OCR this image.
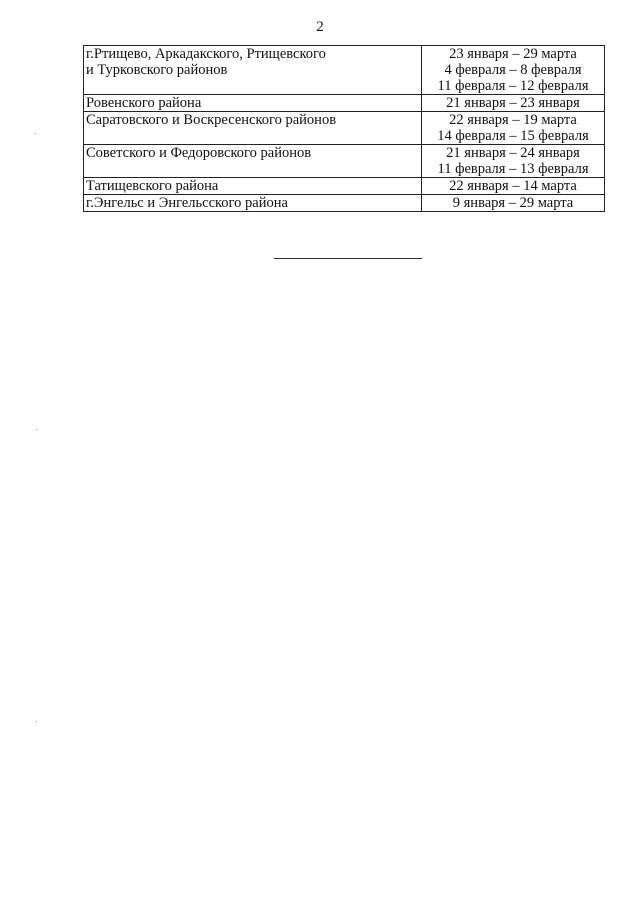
2
г.Ртищево, Аркадакского, Ртищевского
и Турковского районов	23 января – 29 марта
4 февраля – 8 февраля
11 февраля – 12 февраля

Ровенского района	21 января – 23 января

Саратовского и Воскресенского районов	22 января – 19 марта
14 февраля – 15 февраля

Советского и Федоровского районов	21 января – 24 января
11 февраля – 13 февраля

Татищевского района	22 января – 14 марта

г.Энгельс и Энгельсского района	9 января – 29 марта
